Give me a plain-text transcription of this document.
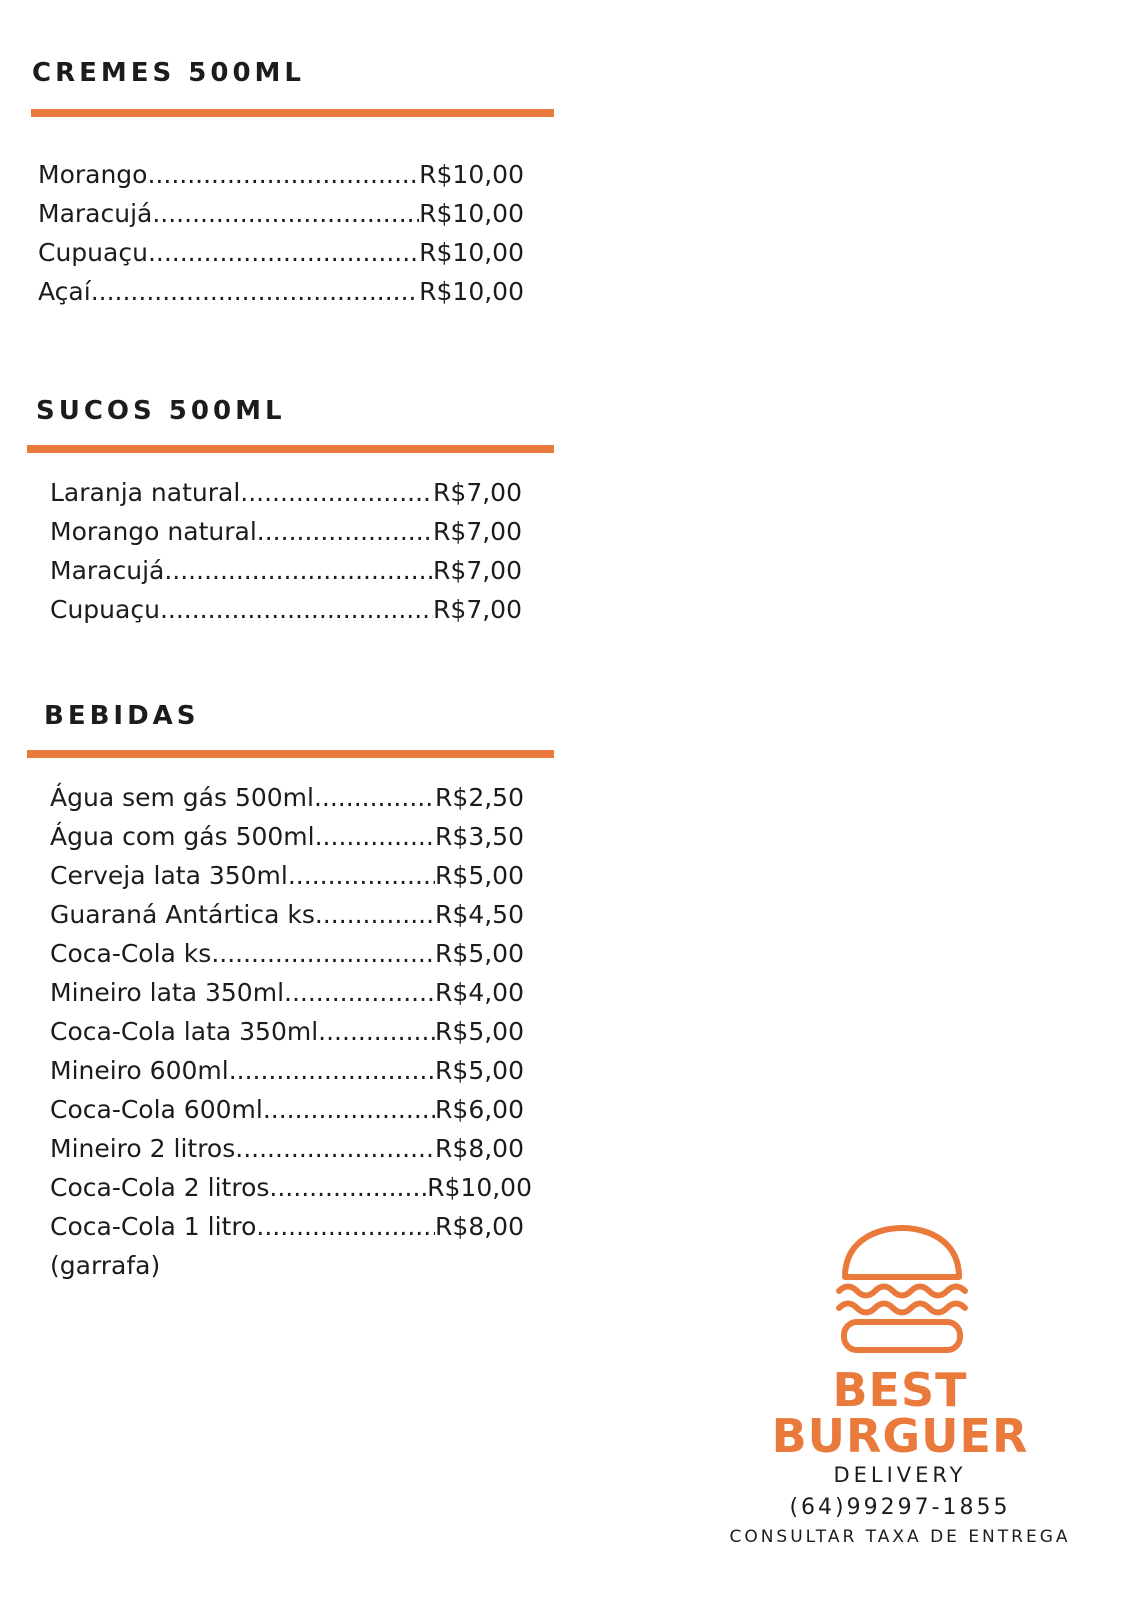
CREMES 500ML
Morango .....	R$10,00
Maracujá .....	R$10,00
Cupuaçu .....	R$10,00
Açaí .....	R$10,00
SUCOS 500ML
Laranja natural .....	R$7,00
Morango natural .....	R$7,00
Maracujá .....	R$7,00
Cupuaçu .....	R$7,00
BEBIDAS
Água sem gás 500ml .....	R$2,50
Água com gás 500ml .....	R$3,50
Cerveja lata 350ml .....	R$5,00
Guaraná Antártica ks .....	R$4,50
Coca-Cola ks .....	R$5,00
Mineiro lata 350ml .....	R$4,00
Coca-Cola lata 350ml .....	R$5,00
Mineiro 600ml .....	R$5,00
Coca-Cola 600ml .....	R$6,00
Mineiro 2 litros .....	R$8,00
Coca-Cola 2 litros .....	R$10,00
Coca-Cola 1 litro .....	R$8,00
(garrafa)
BEST
BURGUER
DELIVERY
(64)99297-1855
CONSULTAR TAXA DE ENTREGA
